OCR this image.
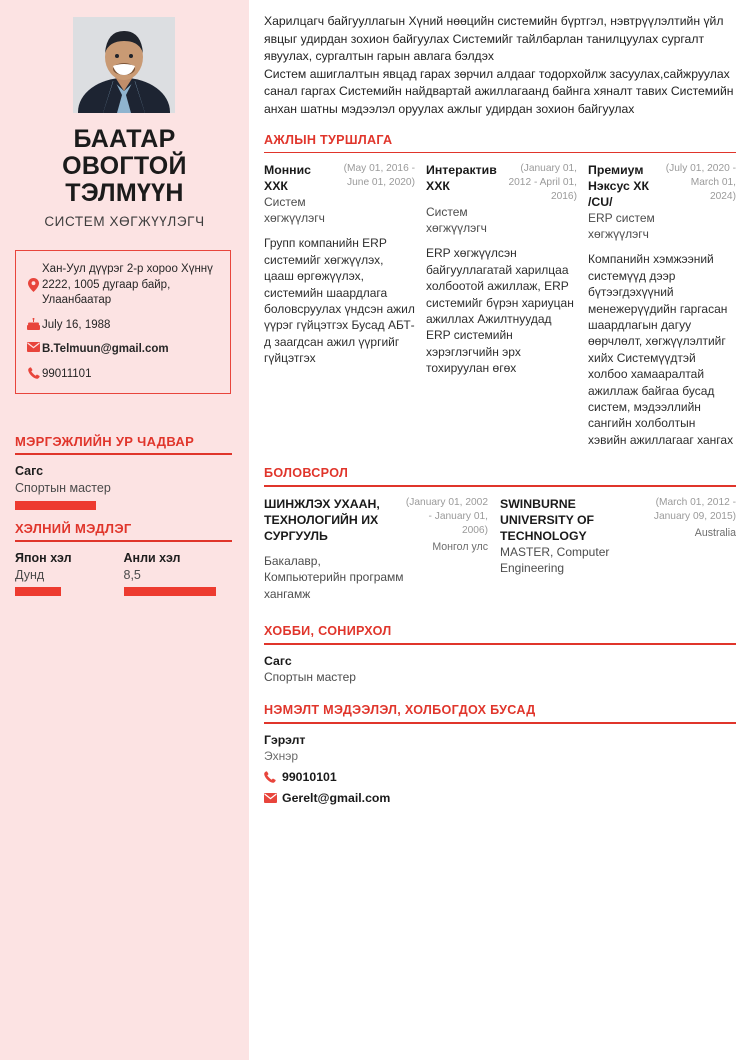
БААТАР ОВОГТОЙ ТЭЛМҮҮН
СИСТЕМ ХӨГЖҮҮЛЭГЧ
Хан-Уул дүүрэг 2-р хороо Хүннү 2222, 1005 дугаар байр, Улаанбаатар
July 16, 1988
B.Telmuun@gmail.com
99011101
МЭРГЭЖЛИЙН УР ЧАДВАР
Сагс
Спортын мастер
ХЭЛНИЙ МЭДЛЭГ
Япон хэл
Дунд
Анли хэл
8,5

Харилцагч байгууллагын Хүний нөөцийн системийн бүртгэл, нэвтрүүлэлтийн үйл явцыг удирдан зохион байгуулах Системийг тайлбарлан танилцуулах сургалт явуулах, сургалтын гарын авлага бэлдэх

Систем ашиглалтын явцад гарах зөрчил алдааг тодорхойлж засуулах,сайжруулах санал гаргах Системийн найдвартай ажиллагаанд байнга хяналт тавих Системийн анхан шатны мэдээлэл оруулах ажлыг удирдан зохион байгуулах

АЖЛЫН ТУРШЛАГА
Моннис ХХК
(May 01, 2016 - June 01, 2020)
Систем хөгжүүлэгч
Групп компанийн ERP системийг хөгжүүлэх, цааш өргөжүүлэх, системийн шаардлага боловсруулах үндсэн ажил үүрэг гүйцэтгэх Бусад АБТ-д заагдсан ажил үүргийг гүйцэтгэх
Интерактив ХХК
(January 01, 2012 - April 01, 2016)
Систем хөгжүүлэгч
ERP хөгжүүлсэн байгууллагатай харилцаа холбоотой ажиллаж, ERP системийг бүрэн хариуцан ажиллах Ажилтнуудад ERP системийн хэрэглэгчийн эрх тохируулан өгөх
Премиум Нэксус ХК /CU/
(July 01, 2020 - March 01, 2024)
ERP систем хөгжүүлэгч
Компанийн хэмжээний системүүд дээр бүтээгдэхүүний менежерүүдийн гаргасан шаардлагын дагуу өөрчлөлт, хөгжүүлэлтийг хийх Системүүдтэй холбоо хамааралтай ажиллаж байгаа бусад систем, мэдээллийн сангийн холболтын хэвийн ажиллагааг хангах
БОЛОВСРОЛ
ШИНЖЛЭХ УХААН, ТЕХНОЛОГИЙН ИХ СУРГУУЛЬ
(January 01, 2002 - January 01, 2006)
Монгол улс
Бакалавр, Компьютерийн программ хангамж
SWINBURNE UNIVERSITY OF TECHNOLOGY
(March 01, 2012 - January 09, 2015)
Australia
MASTER, Computer Engineering
ХОББИ, СОНИРХОЛ
Сагс
Спортын мастер
НЭМЭЛТ МЭДЭЭЛЭЛ, ХОЛБОГДОХ БУСАД
Гэрэлт
Эхнэр
99010101
Gerelt@gmail.com
